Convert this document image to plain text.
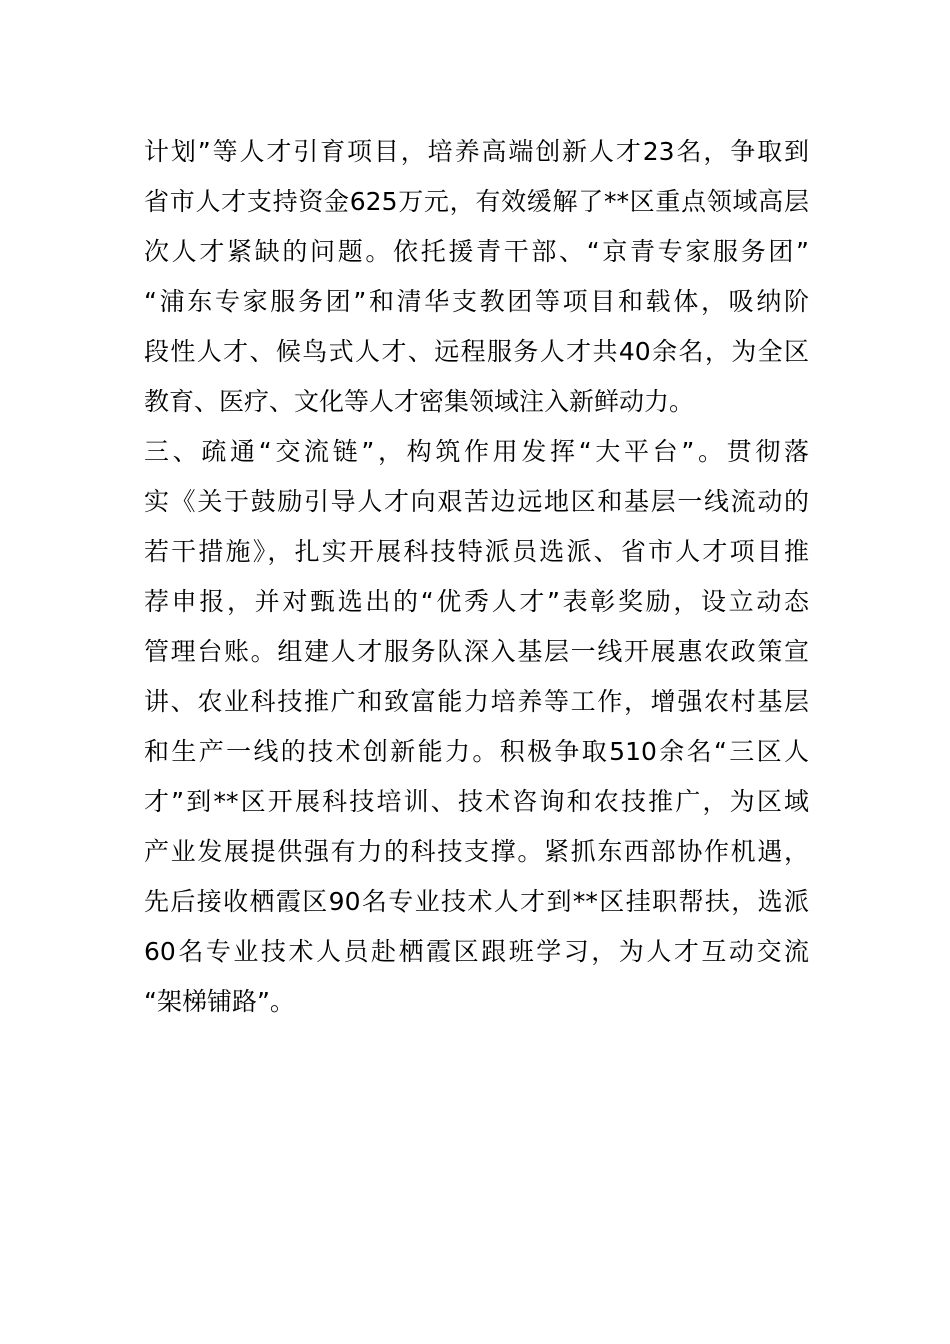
计划”等人才引育项目，培养高端创新人才23名，争取到
省市人才支持资金625万元，有效缓解了**区重点领域高层
次人才紧缺的问题。依托援青干部、“京青专家服务团”
“浦东专家服务团”和清华支教团等项目和载体，吸纳阶
段性人才、候鸟式人才、远程服务人才共40余名，为全区
教育、医疗、文化等人才密集领域注入新鲜动力。
三、疏通“交流链”，构筑作用发挥“大平台”。贯彻落
实《关于鼓励引导人才向艰苦边远地区和基层一线流动的
若干措施》，扎实开展科技特派员选派、省市人才项目推
荐申报，并对甄选出的“优秀人才”表彰奖励，设立动态
管理台账。组建人才服务队深入基层一线开展惠农政策宣
讲、农业科技推广和致富能力培养等工作，增强农村基层
和生产一线的技术创新能力。积极争取510余名“三区人
才”到**区开展科技培训、技术咨询和农技推广，为区域
产业发展提供强有力的科技支撑。紧抓东西部协作机遇，
先后接收栖霞区90名专业技术人才到**区挂职帮扶，选派
60名专业技术人员赴栖霞区跟班学习，为人才互动交流
“架梯铺路”。
